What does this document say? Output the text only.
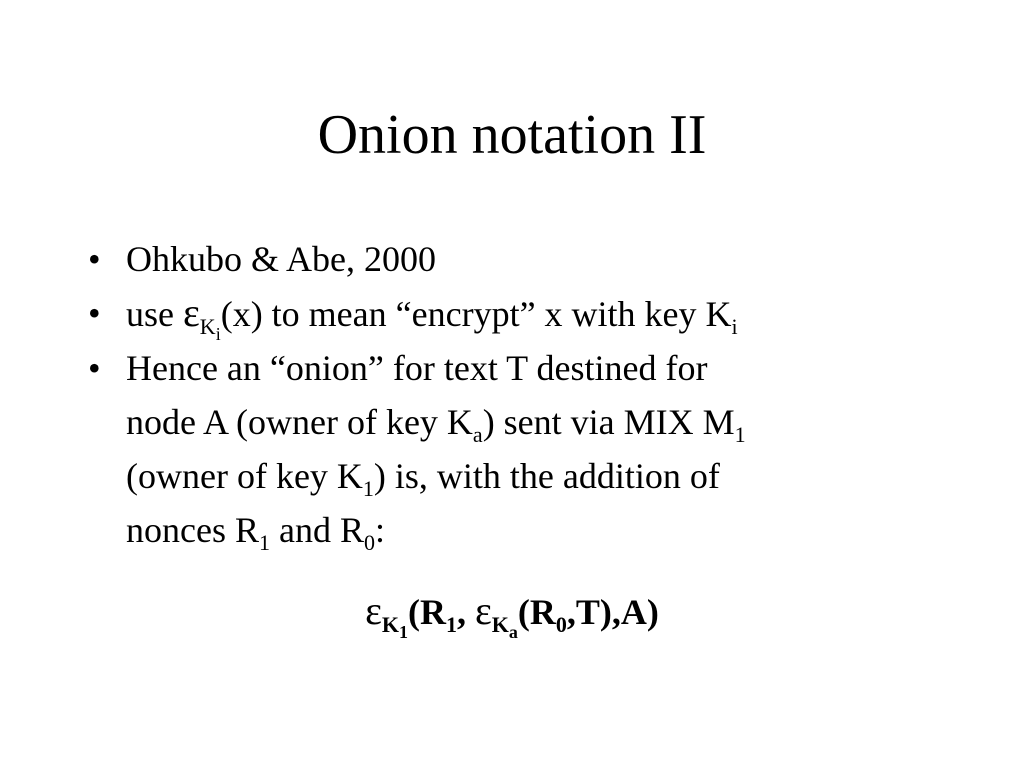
Onion notation II
•
Ohkubo & Abe, 2000
•
use $\varepsilon_{K_i}(x)$ to mean “encrypt” x with key $K_i$
•
Hence an “onion” for text T destined for
node A (owner of key $K_a$) sent via MIX $M_1$
(owner of key $K_1$) is, with the addition of
nonces $R_1$ and $R_0$:
$\varepsilon_{K_1}(R_1$, $\varepsilon_{K_a}(R_0,T),A$)
